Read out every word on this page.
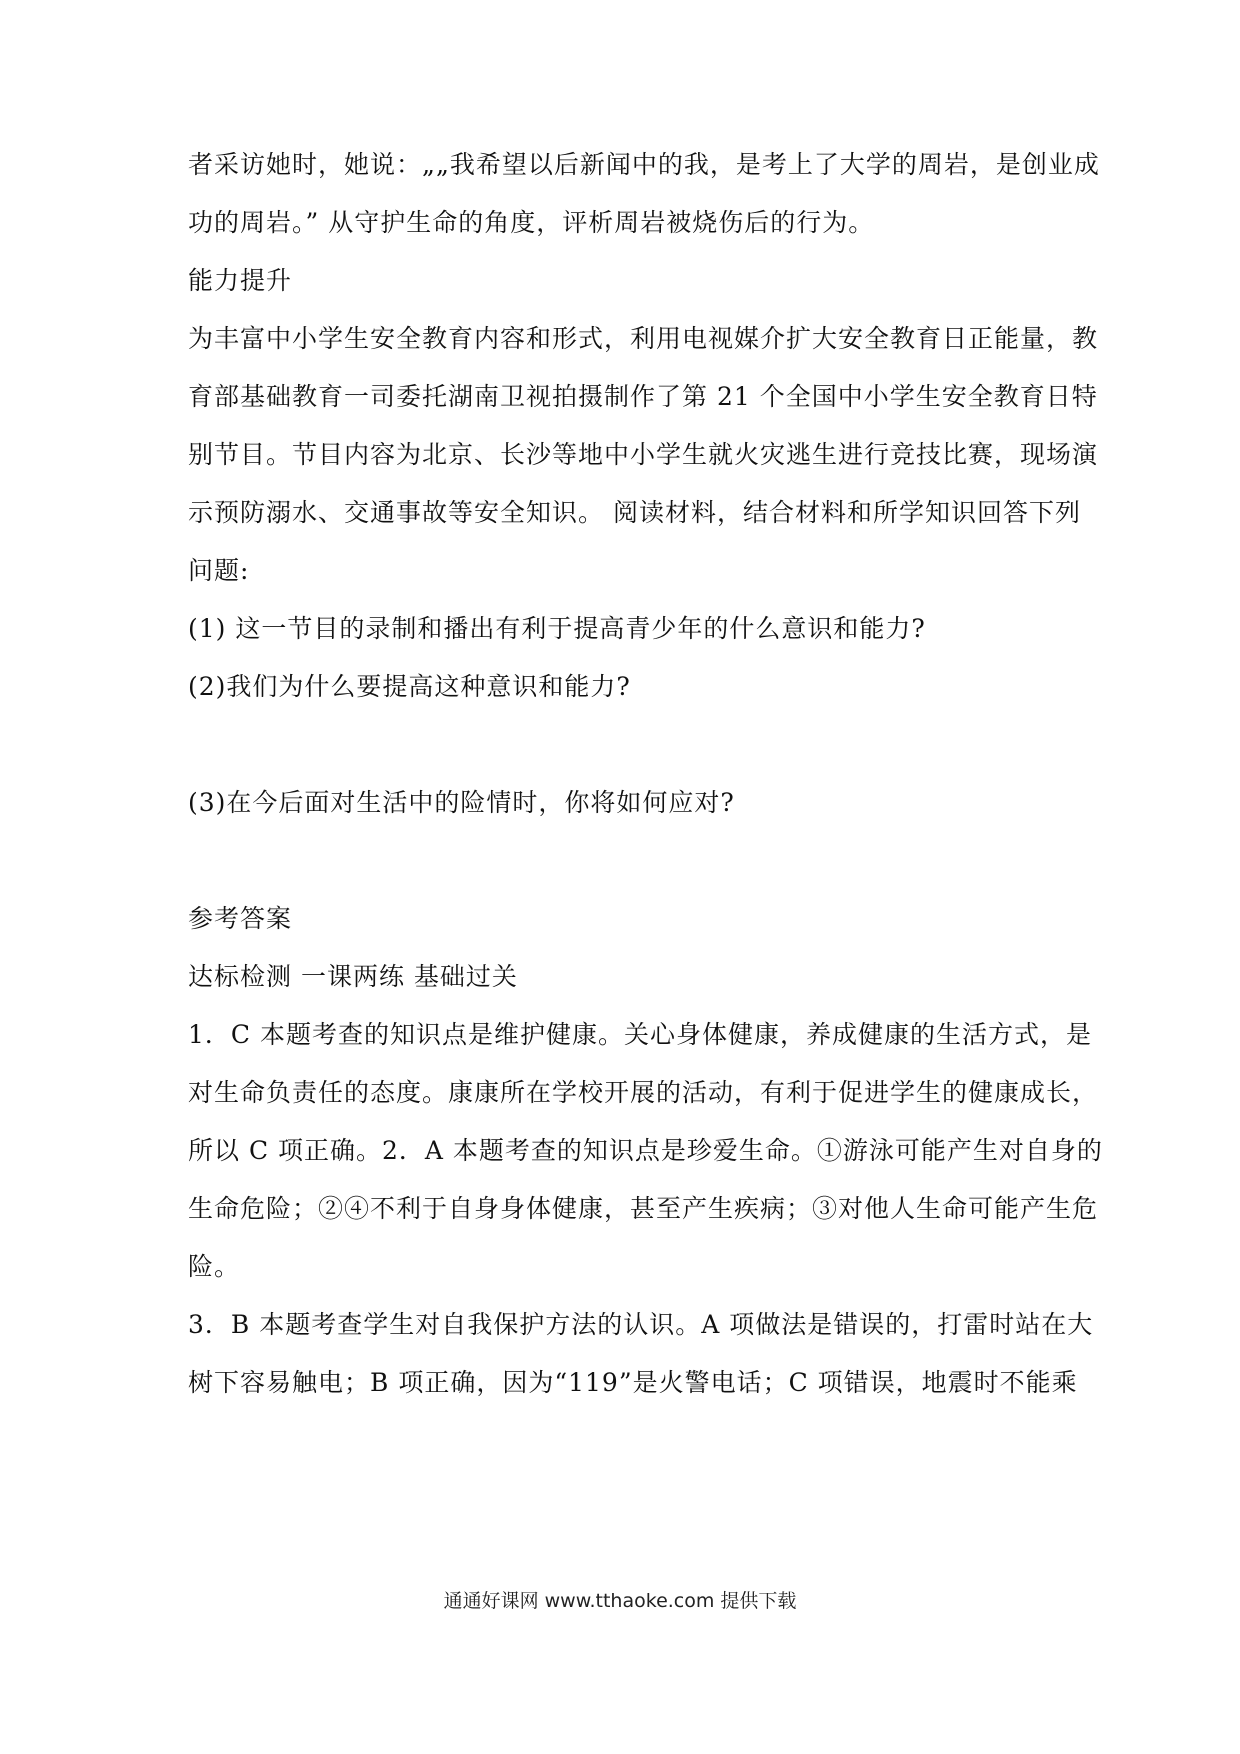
者采访她时，她说：„„我希望以后新闻中的我，是考上了大学的周岩，是创业成
功的周岩。” 从守护生命的角度，评析周岩被烧伤后的行为。
能力提升
为丰富中小学生安全教育内容和形式，利用电视媒介扩大安全教育日正能量，教
育部基础教育一司委托湖南卫视拍摄制作了第 21 个全国中小学生安全教育日特
别节目。节目内容为北京、长沙等地中小学生就火灾逃生进行竞技比赛，现场演
示预防溺水、交通事故等安全知识。 阅读材料，结合材料和所学知识回答下列
问题:
(1) 这一节目的录制和播出有利于提高青少年的什么意识和能力?
(2)我们为什么要提高这种意识和能力?
(3)在今后面对生活中的险情时，你将如何应对?
参考答案
达标检测 一课两练 基础过关
1．C 本题考查的知识点是维护健康。关心身体健康，养成健康的生活方式，是
对生命负责任的态度。康康所在学校开展的活动，有利于促进学生的健康成长，
所以 C 项正确。2．A 本题考查的知识点是珍爱生命。①游泳可能产生对自身的
生命危险；②④不利于自身身体健康，甚至产生疾病；③对他人生命可能产生危
险。
3．B 本题考查学生对自我保护方法的认识。A 项做法是错误的，打雷时站在大
树下容易触电；B 项正确，因为“119”是火警电话；C 项错误，地震时不能乘
通通好课网 www.tthaoke.com 提供下载
